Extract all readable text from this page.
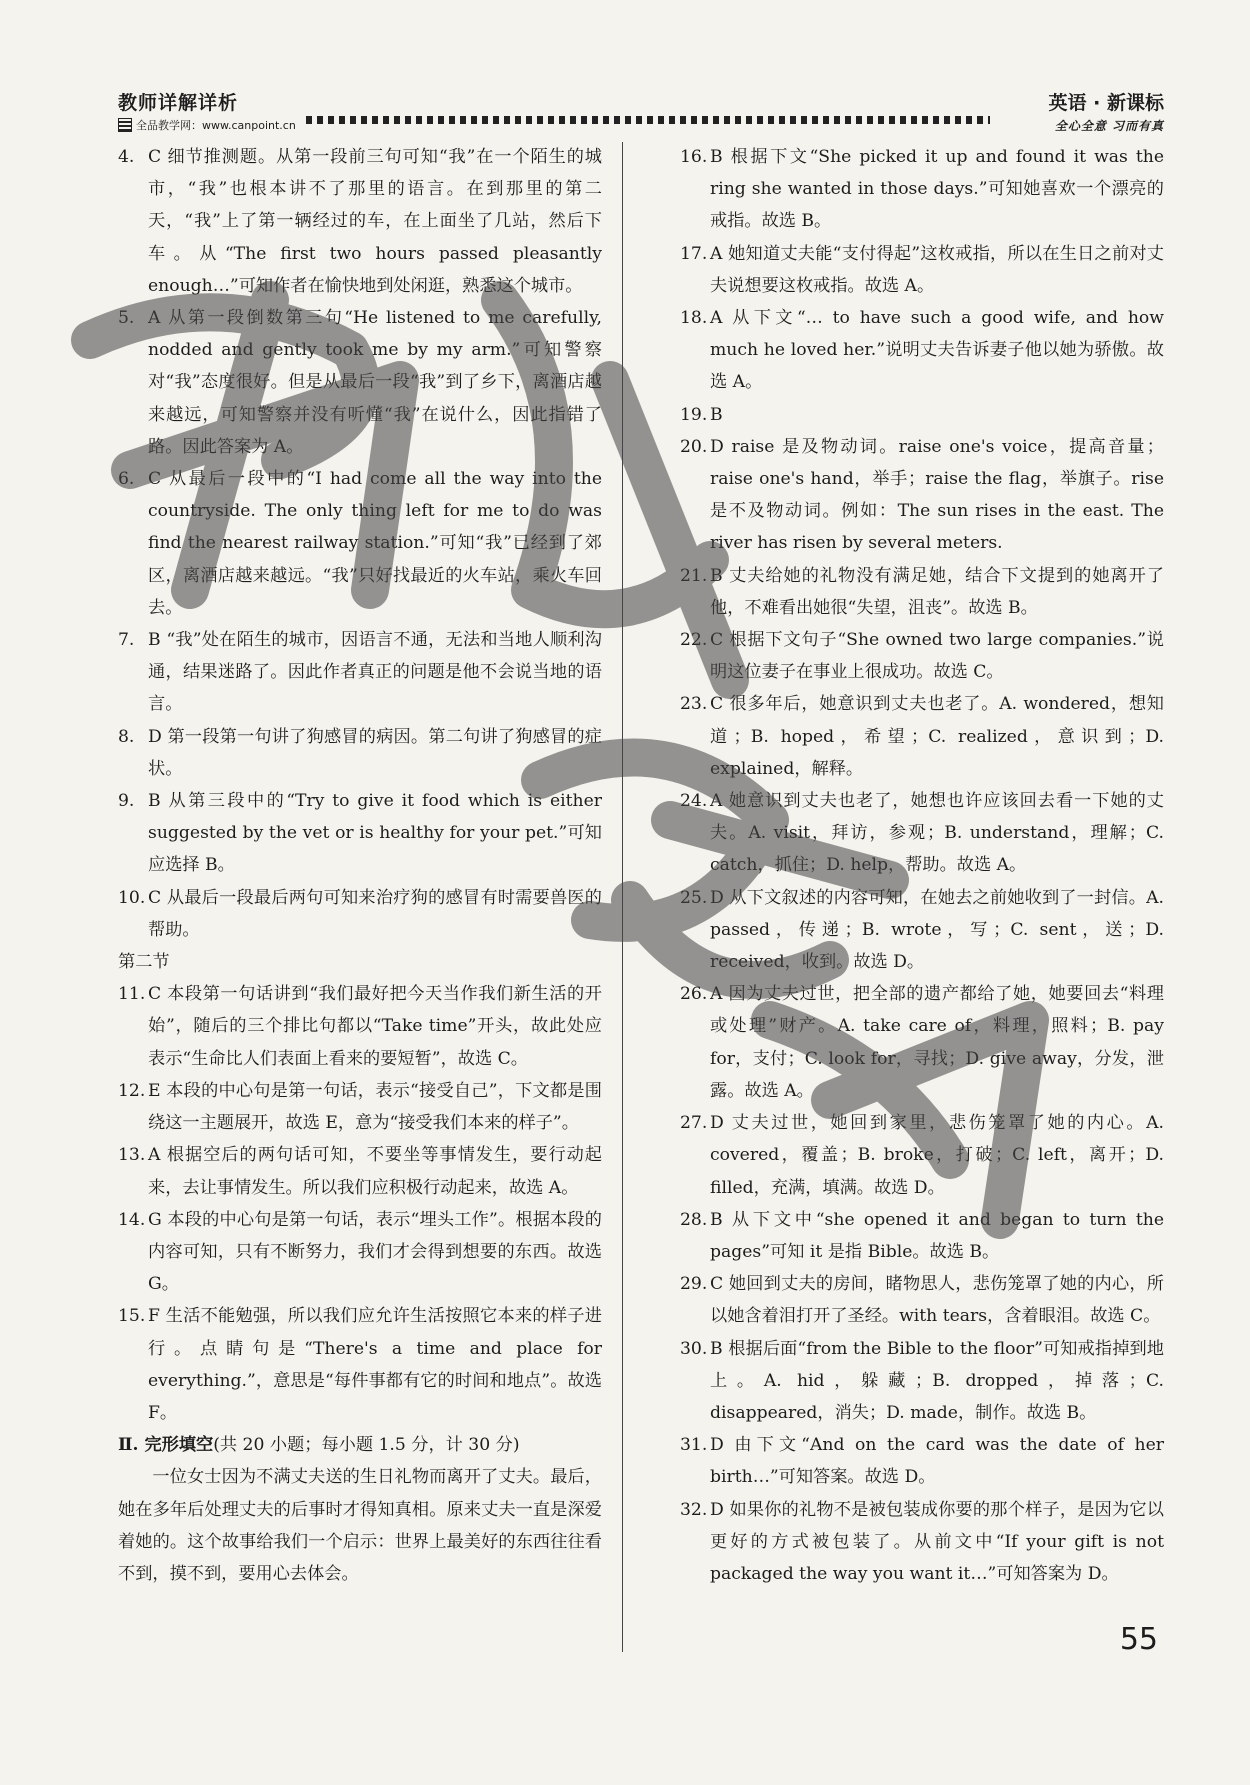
教师详解详析
全品教学网：www.canpoint.cn
英语 · 新课标
全心全意 习而有真
4. C 细节推测题。从第一段前三句可知“我”在一个陌生的城市，“我”也根本讲不了那里的语言。在到那里的第二天，“我”上了第一辆经过的车，在上面坐了几站，然后下车。从“The first two hours passed pleasantly enough…”可知作者在愉快地到处闲逛，熟悉这个城市。
5. A 从第一段倒数第三句“He listened to me carefully, nodded and gently took me by my arm.”可知警察对“我”态度很好。但是从最后一段“我”到了乡下，离酒店越来越远，可知警察并没有听懂“我”在说什么，因此指错了路。因此答案为 A。
6. C 从最后一段中的“I had come all the way into the countryside. The only thing left for me to do was find the nearest railway station.”可知“我”已经到了郊区，离酒店越来越远。“我”只好找最近的火车站，乘火车回去。
7. B “我”处在陌生的城市，因语言不通，无法和当地人顺利沟通，结果迷路了。因此作者真正的问题是他不会说当地的语言。
8. D 第一段第一句讲了狗感冒的病因。第二句讲了狗感冒的症状。
9. B 从第三段中的“Try to give it food which is either suggested by the vet or is healthy for your pet.”可知应选择 B。
10. C 从最后一段最后两句可知来治疗狗的感冒有时需要兽医的帮助。
第二节
11. C 本段第一句话讲到“我们最好把今天当作我们新生活的开始”，随后的三个排比句都以“Take time”开头，故此处应表示“生命比人们表面上看来的要短暂”，故选 C。
12. E 本段的中心句是第一句话，表示“接受自己”，下文都是围绕这一主题展开，故选 E，意为“接受我们本来的样子”。
13. A 根据空后的两句话可知，不要坐等事情发生，要行动起来，去让事情发生。所以我们应积极行动起来，故选 A。
14. G 本段的中心句是第一句话，表示“埋头工作”。根据本段的内容可知，只有不断努力，我们才会得到想要的东西。故选 G。
15. F 生活不能勉强，所以我们应允许生活按照它本来的样子进行。点睛句是“There's a time and place for everything.”，意思是“每件事都有它的时间和地点”。故选 F。
Ⅱ. 完形填空(共 20 小题；每小题 1.5 分，计 30 分)
一位女士因为不满丈夫送的生日礼物而离开了丈夫。最后，她在多年后处理丈夫的后事时才得知真相。原来丈夫一直是深爱着她的。这个故事给我们一个启示：世界上最美好的东西往往看不到，摸不到，要用心去体会。
16. B 根据下文“She picked it up and found it was the ring she wanted in those days.”可知她喜欢一个漂亮的戒指。故选 B。
17. A 她知道丈夫能“支付得起”这枚戒指，所以在生日之前对丈夫说想要这枚戒指。故选 A。
18. A 从下文“… to have such a good wife, and how much he loved her.”说明丈夫告诉妻子他以她为骄傲。故选 A。
19. B
20. D raise 是及物动词。raise one's voice，提高音量；raise one's hand，举手；raise the flag，举旗子。rise 是不及物动词。例如：The sun rises in the east. The river has risen by several meters.
21. B 丈夫给她的礼物没有满足她，结合下文提到的她离开了他，不难看出她很“失望，沮丧”。故选 B。
22. C 根据下文句子“She owned two large companies.”说明这位妻子在事业上很成功。故选 C。
23. C 很多年后，她意识到丈夫也老了。A. wondered，想知道；B. hoped，希望；C. realized，意识到；D. explained，解释。
24. A 她意识到丈夫也老了，她想也许应该回去看一下她的丈夫。A. visit，拜访，参观；B. understand，理解；C. catch，抓住；D. help，帮助。故选 A。
25. D 从下文叙述的内容可知，在她去之前她收到了一封信。A. passed，传递；B. wrote，写；C. sent，送；D. received，收到。故选 D。
26. A 因为丈夫过世，把全部的遗产都给了她，她要回去“料理或处理”财产。A. take care of，料理，照料；B. pay for，支付；C. look for，寻找；D. give away，分发，泄露。故选 A。
27. D 丈夫过世，她回到家里，悲伤笼罩了她的内心。A. covered，覆盖；B. broke，打破；C. left，离开；D. filled，充满，填满。故选 D。
28. B 从下文中“she opened it and began to turn the pages”可知 it 是指 Bible。故选 B。
29. C 她回到丈夫的房间，睹物思人，悲伤笼罩了她的内心，所以她含着泪打开了圣经。with tears，含着眼泪。故选 C。
30. B 根据后面“from the Bible to the floor”可知戒指掉到地上。A. hid，躲藏；B. dropped，掉落；C. disappeared，消失；D. made，制作。故选 B。
31. D 由下文“And on the card was the date of her birth…”可知答案。故选 D。
32. D 如果你的礼物不是被包装成你要的那个样子，是因为它以更好的方式被包装了。从前文中“If your gift is not packaged the way you want it…”可知答案为 D。
55
